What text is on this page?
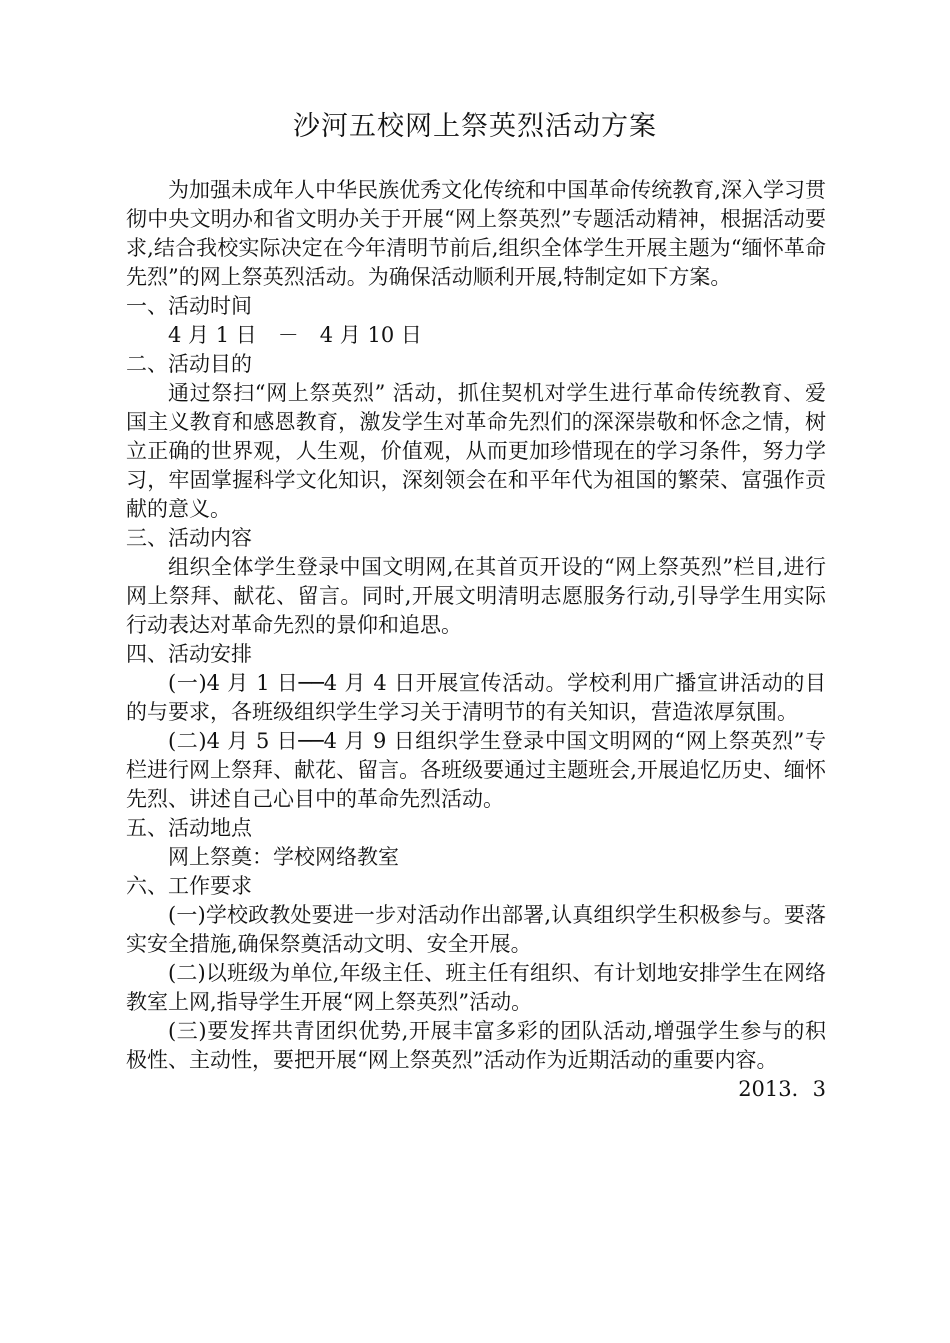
沙河五校网上祭英烈活动方案

为加强未成年人中华民族优秀文化传统和中国革命传统教育,深入学习贯彻中央文明办和省文明办关于开展“网上祭英烈”专题活动精神，根据活动要求,结合我校实际决定在今年清明节前后,组织全体学生开展主题为“缅怀革命先烈”的网上祭英烈活动。为确保活动顺利开展,特制定如下方案。

一、活动时间

4 月 1 日　－　4 月 10 日

二、活动目的

通过祭扫“网上祭英烈” 活动，抓住契机对学生进行革命传统教育、爱国主义教育和感恩教育，激发学生对革命先烈们的深深崇敬和怀念之情，树立正确的世界观，人生观，价值观，从而更加珍惜现在的学习条件，努力学习，牢固掌握科学文化知识，深刻领会在和平年代为祖国的繁荣、富强作贡献的意义。

三、活动内容

组织全体学生登录中国文明网,在其首页开设的“网上祭英烈”栏目,进行网上祭拜、献花、留言。同时,开展文明清明志愿服务行动,引导学生用实际行动表达对革命先烈的景仰和追思。

四、活动安排

(一)4 月 1 日──4 月 4 日开展宣传活动。学校利用广播宣讲活动的目的与要求，各班级组织学生学习关于清明节的有关知识，营造浓厚氛围。

(二)4 月 5 日──4 月 9 日组织学生登录中国文明网的“网上祭英烈”专栏进行网上祭拜、献花、留言。各班级要通过主题班会,开展追忆历史、缅怀先烈、讲述自己心目中的革命先烈活动。

五、活动地点

网上祭奠：学校网络教室

六、工作要求

(一)学校政教处要进一步对活动作出部署,认真组织学生积极参与。要落实安全措施,确保祭奠活动文明、安全开展。

(二)以班级为单位,年级主任、班主任有组织、有计划地安排学生在网络教室上网,指导学生开展“网上祭英烈”活动。

(三)要发挥共青团织优势,开展丰富多彩的团队活动,增强学生参与的积极性、主动性，要把开展“网上祭英烈”活动作为近期活动的重要内容。

2013．3
